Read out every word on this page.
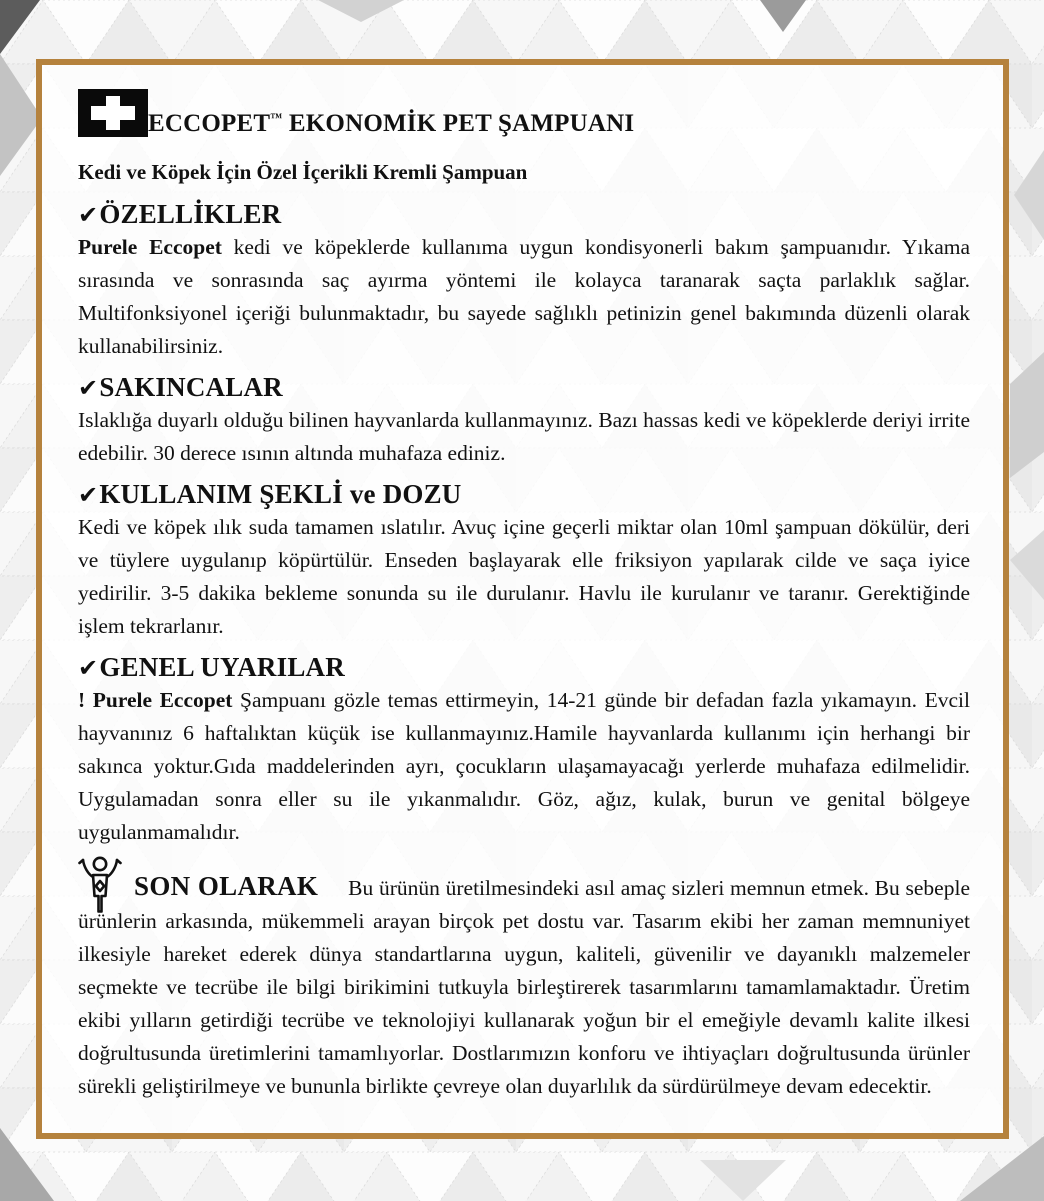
ECCOPET™ EKONOMİK PET ŞAMPUANI
Kedi ve Köpek İçin Özel İçerikli Kremli Şampuan
✔ÖZELLİKLER

Purele Eccopet kedi ve köpeklerde kullanıma uygun kondisyonerli bakım şampuanıdır. Yıkama sırasında ve sonrasında saç ayırma yöntemi ile kolayca taranarak saçta parlaklık sağlar. Multifonksiyonel içeriği bulunmaktadır, bu sayede sağlıklı petinizin genel bakımında düzenli olarak kullanabilirsiniz.

✔SAKINCALAR

Islaklığa duyarlı olduğu bilinen hayvanlarda kullanmayınız. Bazı hassas kedi ve köpeklerde deriyi irrite edebilir. 30 derece ısının altında muhafaza ediniz.

✔KULLANIM ŞEKLİ ve DOZU

Kedi ve köpek ılık suda tamamen ıslatılır. Avuç içine geçerli miktar olan 10ml şampuan dökülür, deri ve tüylere uygulanıp köpürtülür. Enseden başlayarak elle friksiyon yapılarak cilde ve saça iyice yedirilir. 3-5 dakika bekleme sonunda su ile durulanır. Havlu ile kurulanır ve taranır. Gerektiğinde işlem tekrarlanır.

✔GENEL UYARILAR

! Purele Eccopet Şampuanı gözle temas ettirmeyin, 14-21 günde bir defadan fazla yıkamayın. Evcil hayvanınız 6 haftalıktan küçük ise kullanmayınız.Hamile hayvanlarda kullanımı için herhangi bir sakınca yoktur.Gıda maddelerinden ayrı, çocukların ulaşamayacağı yerlerde muhafaza edilmelidir. Uygulamadan sonra eller su ile yıkanmalıdır. Göz, ağız, kulak, burun ve genital bölgeye uygulanmamalıdır.

SON OLARAK Bu ürünün üretilmesindeki asıl amaç sizleri memnun etmek. Bu sebeple ürünlerin arkasında, mükemmeli arayan birçok pet dostu var. Tasarım ekibi her zaman memnuniyet ilkesiyle hareket ederek dünya standartlarına uygun, kaliteli, güvenilir ve dayanıklı malzemeler seçmekte ve tecrübe ile bilgi birikimini tutkuyla birleştirerek tasarımlarını tamamlamaktadır. Üretim ekibi yılların getirdiği tecrübe ve teknolojiyi kullanarak yoğun bir el emeğiyle devamlı kalite ilkesi doğrultusunda üretimlerini tamamlıyorlar. Dostlarımızın konforu ve ihtiyaçları doğrultusunda ürünler sürekli geliştirilmeye ve bununla birlikte çevreye olan duyarlılık da sürdürülmeye devam edecektir.
